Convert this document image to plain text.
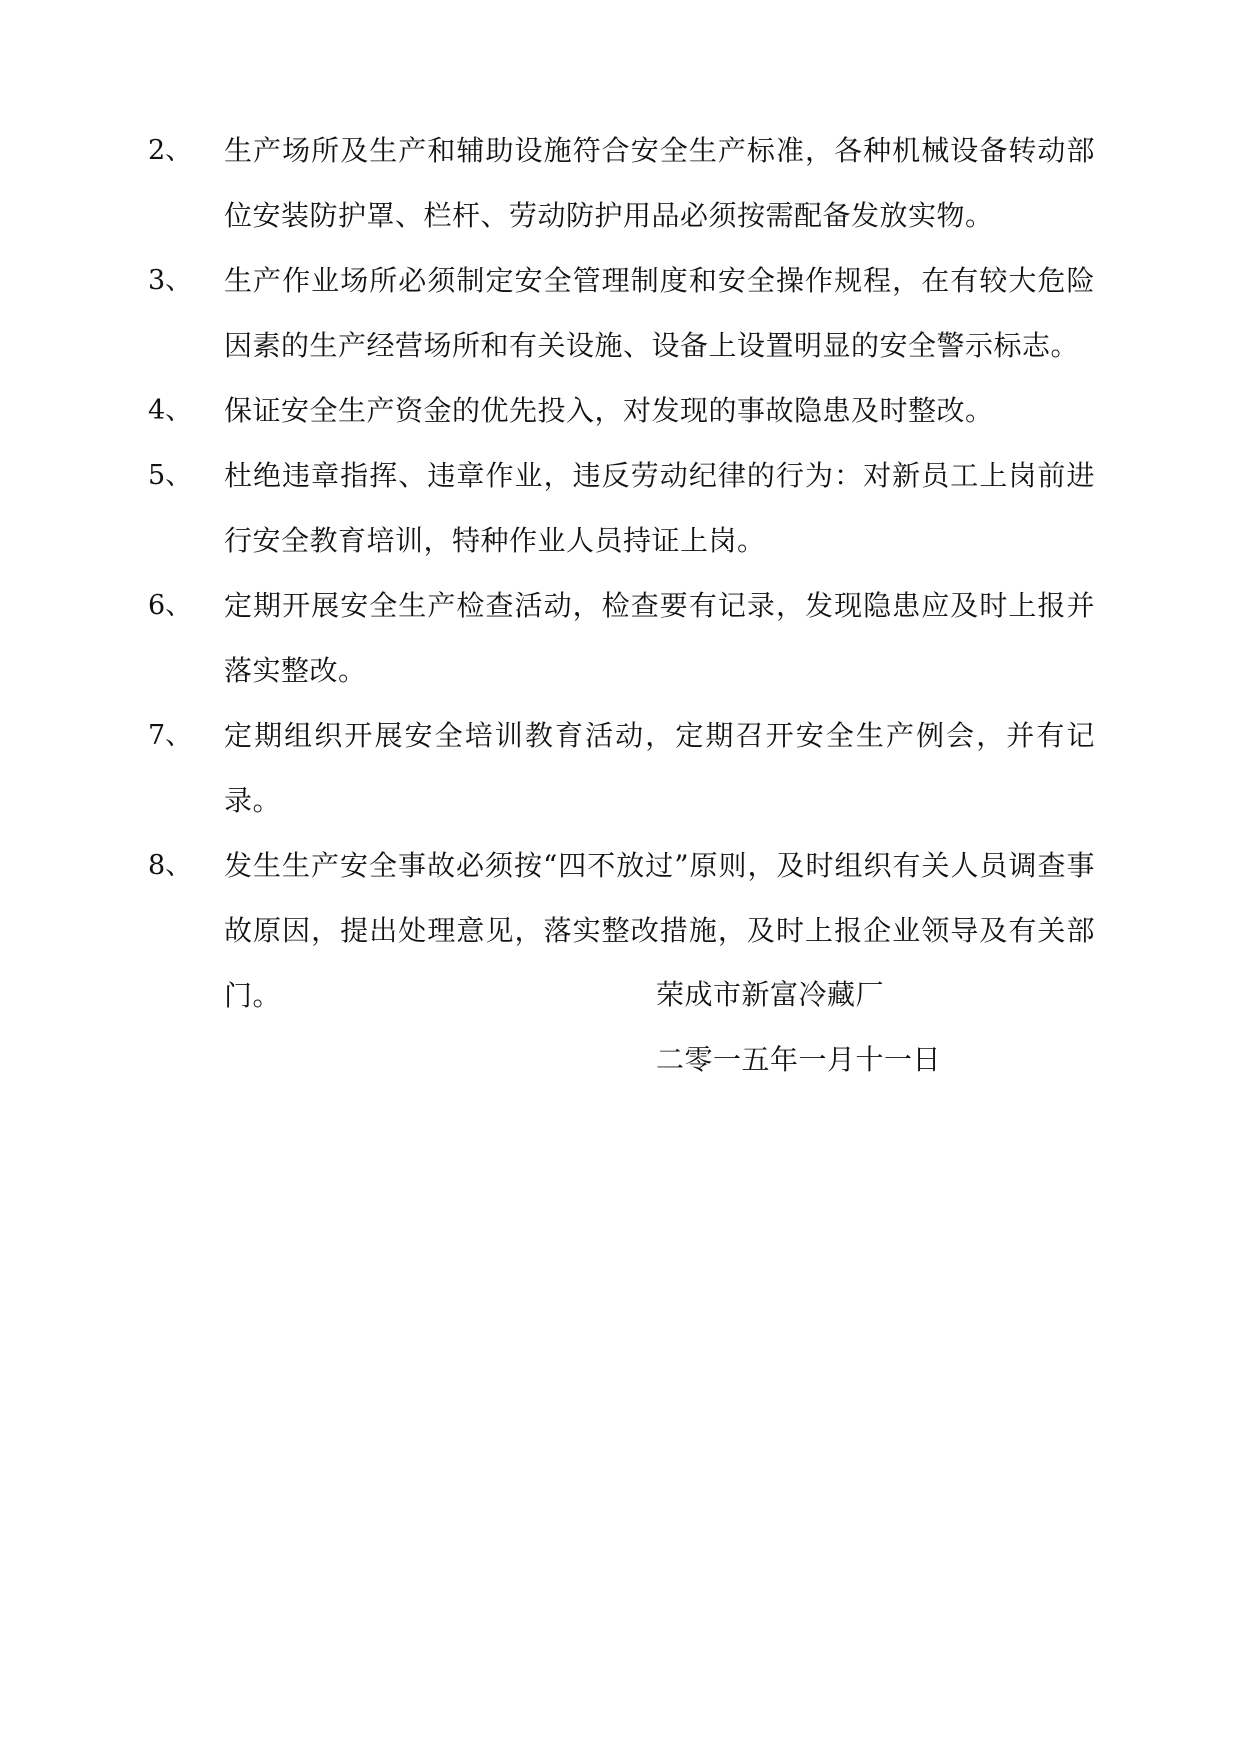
2、 生产场所及生产和辅助设施符合安全生产标准，各种机械设备转动部位安装防护罩、栏杆、劳动防护用品必须按需配备发放实物。
3、 生产作业场所必须制定安全管理制度和安全操作规程，在有较大危险因素的生产经营场所和有关设施、设备上设置明显的安全警示标志。
4、 保证安全生产资金的优先投入，对发现的事故隐患及时整改。
5、 杜绝违章指挥、违章作业，违反劳动纪律的行为：对新员工上岗前进行安全教育培训，特种作业人员持证上岗。
6、 定期开展安全生产检查活动，检查要有记录，发现隐患应及时上报并落实整改。
7、 定期组织开展安全培训教育活动，定期召开安全生产例会，并有记录。
8、 发生生产安全事故必须按“四不放过”原则，及时组织有关人员调查事故原因，提出处理意见，落实整改措施，及时上报企业领导及有关部门。	荣成市新富冷藏厂
二零一五年一月十一日
